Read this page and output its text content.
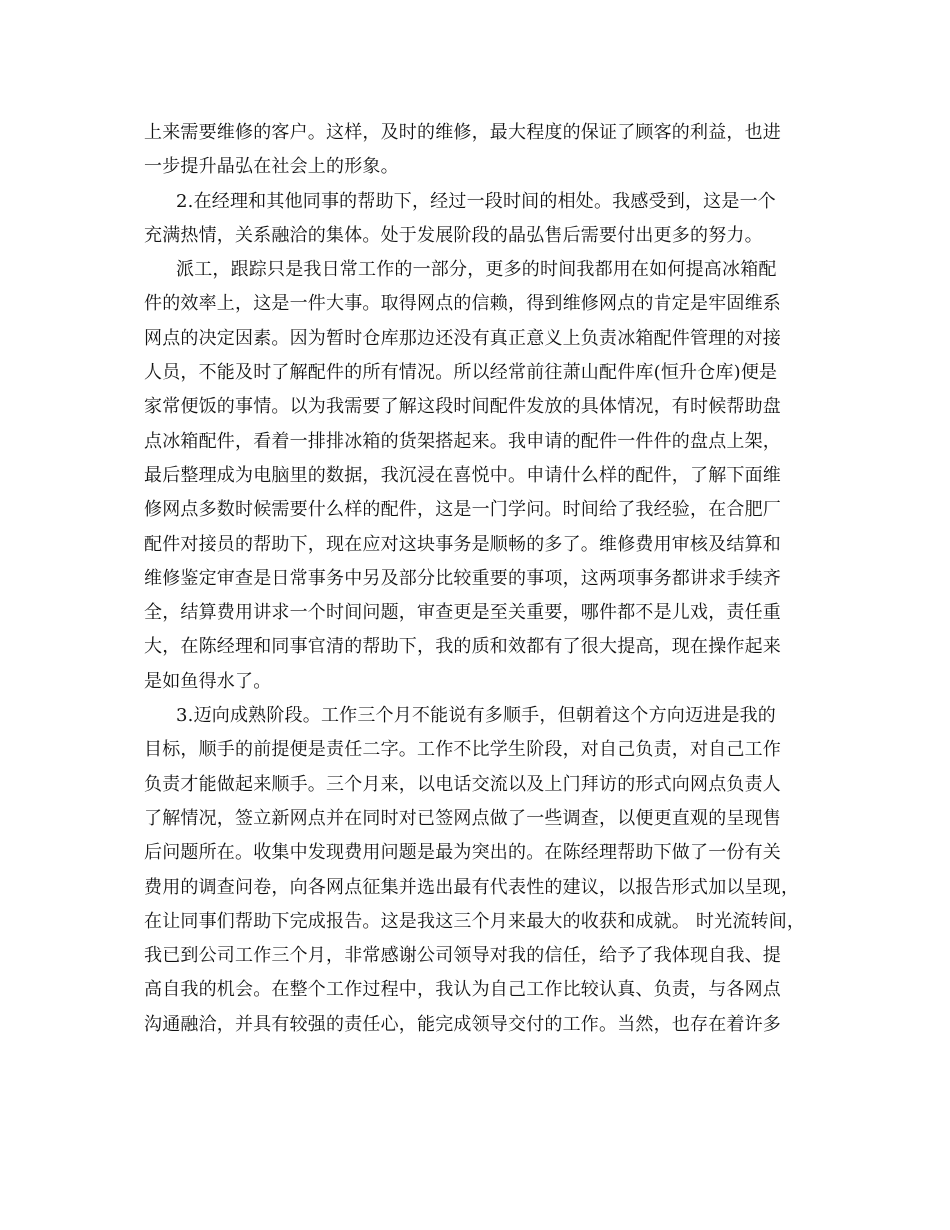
上来需要维修的客户。这样，及时的维修，最大程度的保证了顾客的利益，也进
一步提升晶弘在社会上的形象。
2.在经理和其他同事的帮助下，经过一段时间的相处。我感受到，这是一个
充满热情，关系融洽的集体。处于发展阶段的晶弘售后需要付出更多的努力。
派工，跟踪只是我日常工作的一部分，更多的时间我都用在如何提高冰箱配
件的效率上，这是一件大事。取得网点的信赖，得到维修网点的肯定是牢固维系
网点的决定因素。因为暂时仓库那边还没有真正意义上负责冰箱配件管理的对接
人员，不能及时了解配件的所有情况。所以经常前往萧山配件库(恒升仓库)便是
家常便饭的事情。以为我需要了解这段时间配件发放的具体情况，有时候帮助盘
点冰箱配件，看着一排排冰箱的货架搭起来。我申请的配件一件件的盘点上架，
最后整理成为电脑里的数据，我沉浸在喜悦中。申请什么样的配件，了解下面维
修网点多数时候需要什么样的配件，这是一门学问。时间给了我经验，在合肥厂
配件对接员的帮助下，现在应对这块事务是顺畅的多了。维修费用审核及结算和
维修鉴定审查是日常事务中另及部分比较重要的事项，这两项事务都讲求手续齐
全，结算费用讲求一个时间问题，审查更是至关重要，哪件都不是儿戏，责任重
大，在陈经理和同事官清的帮助下，我的质和效都有了很大提高，现在操作起来
是如鱼得水了。
3.迈向成熟阶段。工作三个月不能说有多顺手，但朝着这个方向迈进是我的
目标，顺手的前提便是责任二字。工作不比学生阶段，对自己负责，对自己工作
负责才能做起来顺手。三个月来，以电话交流以及上门拜访的形式向网点负责人
了解情况，签立新网点并在同时对已签网点做了一些调查，以便更直观的呈现售
后问题所在。收集中发现费用问题是最为突出的。在陈经理帮助下做了一份有关
费用的调查问卷，向各网点征集并选出最有代表性的建议，以报告形式加以呈现，
在让同事们帮助下完成报告。这是我这三个月来最大的收获和成就。 时光流转间，
我已到公司工作三个月，非常感谢公司领导对我的信任，给予了我体现自我、提
高自我的机会。在整个工作过程中，我认为自己工作比较认真、负责，与各网点
沟通融洽，并具有较强的责任心，能完成领导交付的工作。当然，也存在着许多
